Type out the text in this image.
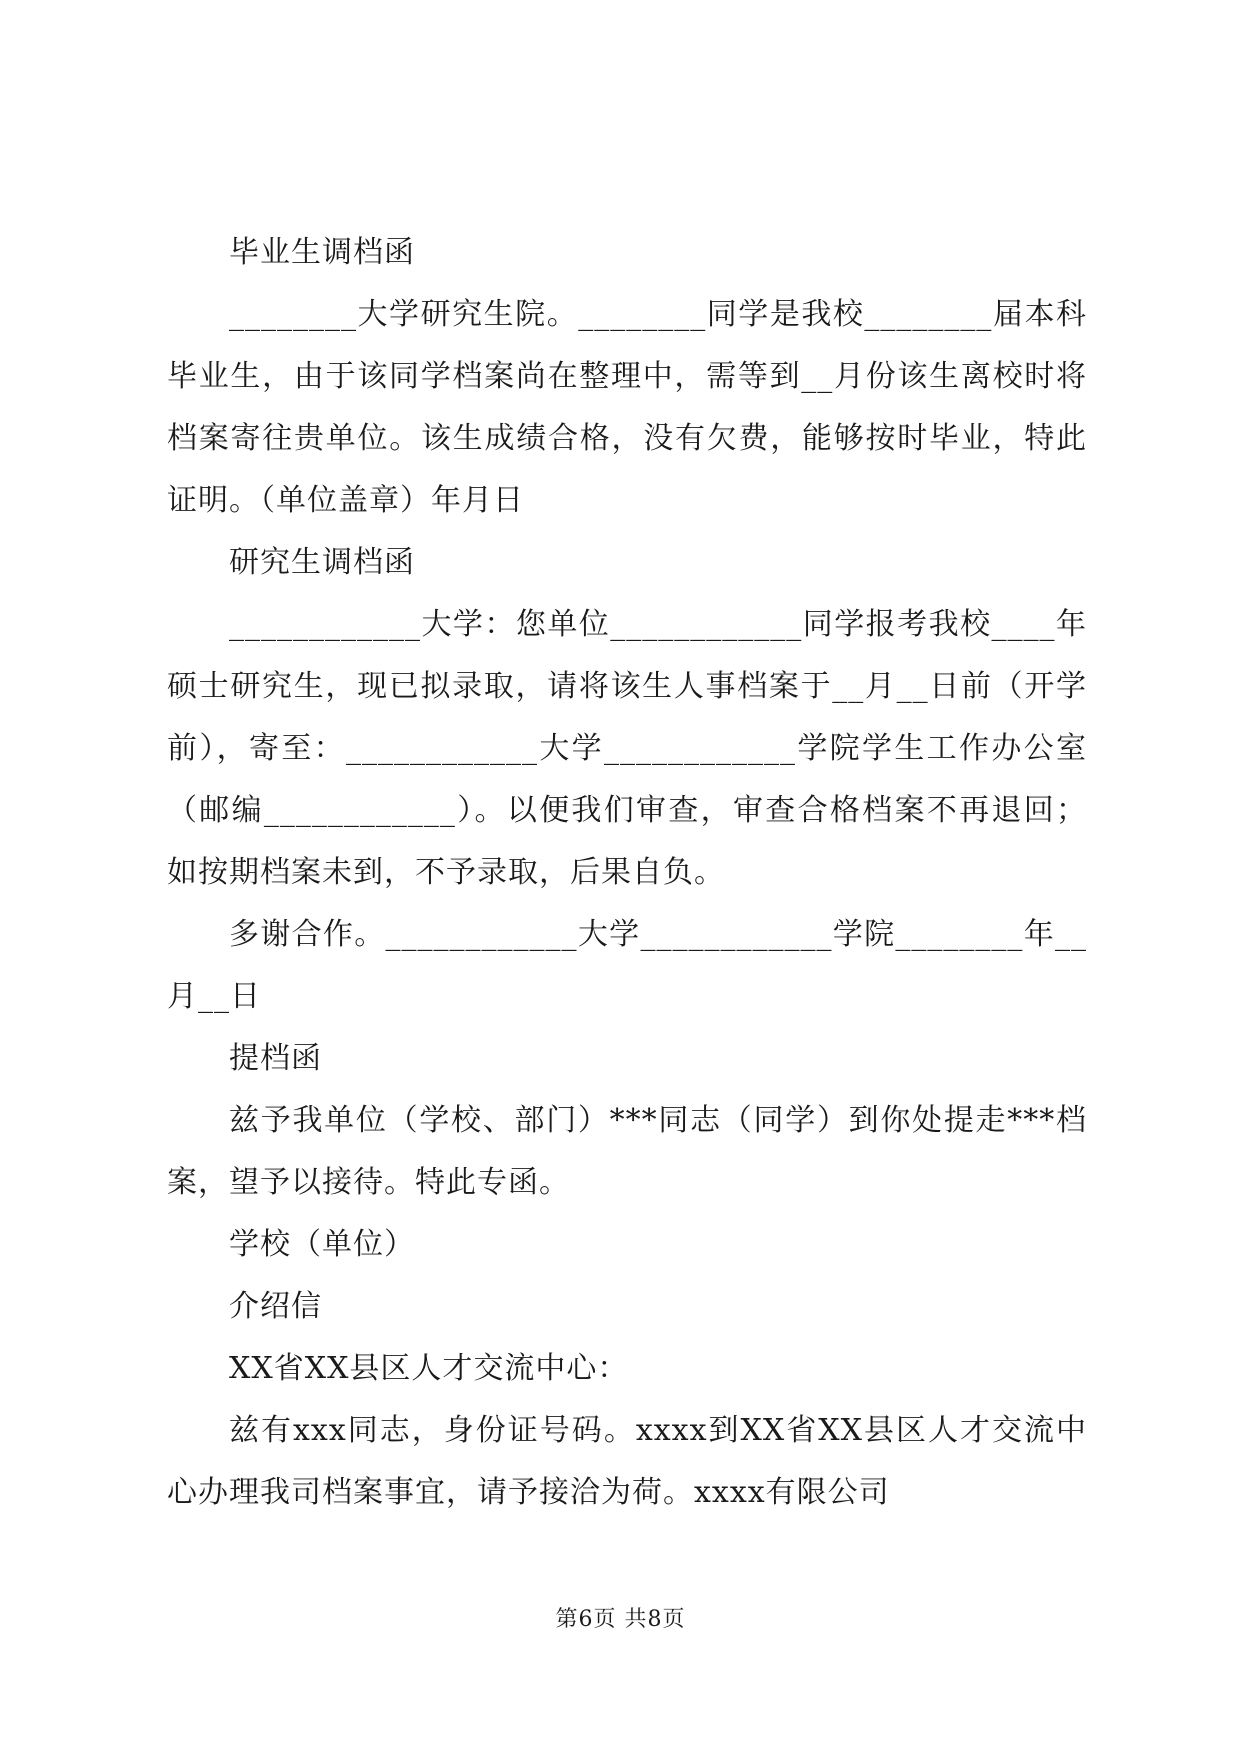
毕业生调档函

________大学研究生院。________同学是我校________届本科毕业生，由于该同学档案尚在整理中，需等到__月份该生离校时将档案寄往贵单位。该生成绩合格，没有欠费，能够按时毕业，特此证明。（单位盖章）年月日

研究生调档函

____________大学：您单位____________同学报考我校____年硕士研究生，现已拟录取，请将该生人事档案于__月__日前（开学前），寄至：____________大学____________学院学生工作办公室（邮编____________）。以便我们审查，审查合格档案不再退回；如按期档案未到，不予录取，后果自负。

多谢合作。____________大学____________学院________年__月__日

提档函

兹予我单位（学校、部门）***同志（同学）到你处提走***档案，望予以接待。特此专函。

学校（单位）

介绍信

XX省XX县区人才交流中心：

兹有xxx同志，身份证号码。xxxx到XX省XX县区人才交流中心办理我司档案事宜，请予接洽为荷。xxxx有限公司

第6页 共8页
